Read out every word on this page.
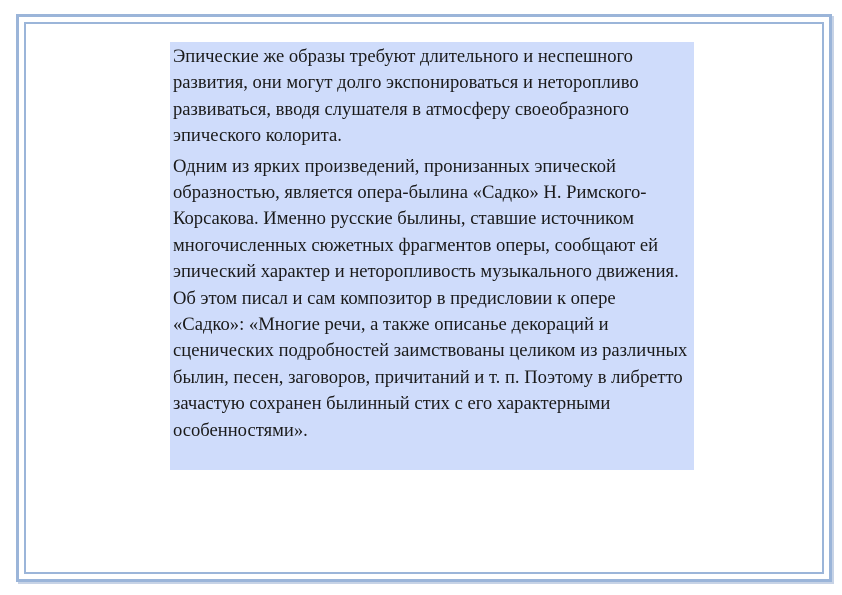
Эпические же образы требуют длительного и неспешного развития, они могут долго экспонироваться и неторопливо развиваться, вводя слушателя в атмосферу своеобразного эпического колорита.

Одним из ярких произведений, пронизанных эпической образностью, является опера-былина «Садко» Н. Римского-Корсакова. Именно русские былины, ставшие источником многочисленных сюжетных фрагментов оперы, сообщают ей эпический характер и неторопливость музыкального движения. Об этом писал и сам композитор в предисловии к опере «Садко»: «Многие речи, а также описанье декораций и сценических подробностей заимствованы целиком из различных былин, песен, заговоров, причитаний и т. п. Поэтому в либретто зачастую сохранен былинный стих с его характерными особенностями».
